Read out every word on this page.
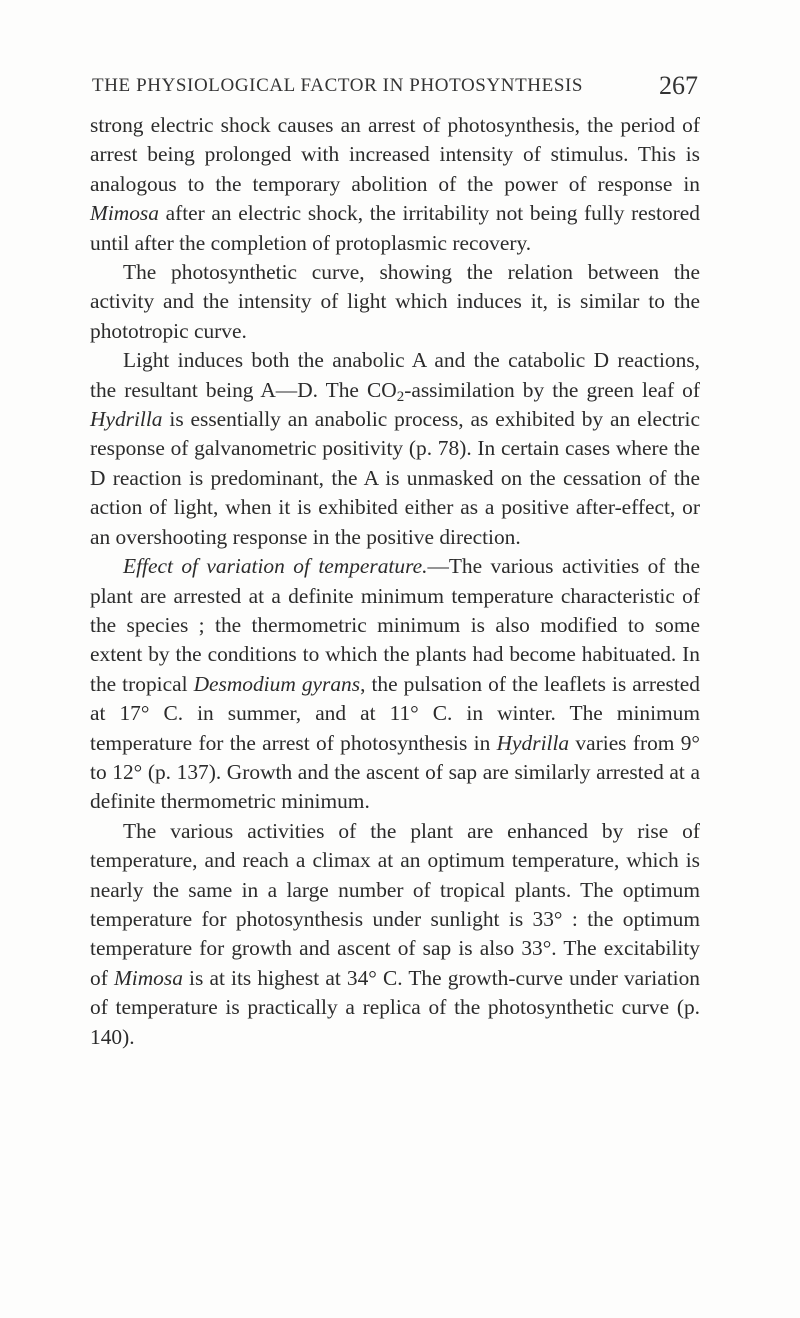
THE PHYSIOLOGICAL FACTOR IN PHOTOSYNTHESIS	267

strong electric shock causes an arrest of photosynthesis, the period of arrest being prolonged with increased intensity of stimulus. This is analogous to the temporary abolition of the power of response in Mimosa after an electric shock, the irritability not being fully restored until after the completion of protoplasmic recovery.

The photosynthetic curve, showing the relation between the activity and the intensity of light which induces it, is similar to the phototropic curve.

Light induces both the anabolic A and the catabolic D reactions, the resultant being A—D. The $CO_2$-assimilation by the green leaf of Hydrilla is essentially an anabolic process, as exhibited by an electric response of galvanometric positivity (p. 78). In certain cases where the D reaction is predominant, the A is unmasked on the cessation of the action of light, when it is exhibited either as a positive after-effect, or an overshooting response in the positive direction.

Effect of variation of temperature.—The various activities of the plant are arrested at a definite minimum temperature characteristic of the species ; the thermometric minimum is also modified to some extent by the conditions to which the plants had become habituated. In the tropical Desmodium gyrans, the pulsation of the leaflets is arrested at 17° C. in summer, and at 11° C. in winter. The minimum temperature for the arrest of photosynthesis in Hydrilla varies from 9° to 12° (p. 137). Growth and the ascent of sap are similarly arrested at a definite thermometric minimum.

The various activities of the plant are enhanced by rise of temperature, and reach a climax at an optimum temperature, which is nearly the same in a large number of tropical plants. The optimum temperature for photosynthesis under sunlight is 33° : the optimum temperature for growth and ascent of sap is also 33°. The excitability of Mimosa is at its highest at 34° C. The growth-curve under variation of temperature is practically a replica of the photosynthetic curve (p. 140).
